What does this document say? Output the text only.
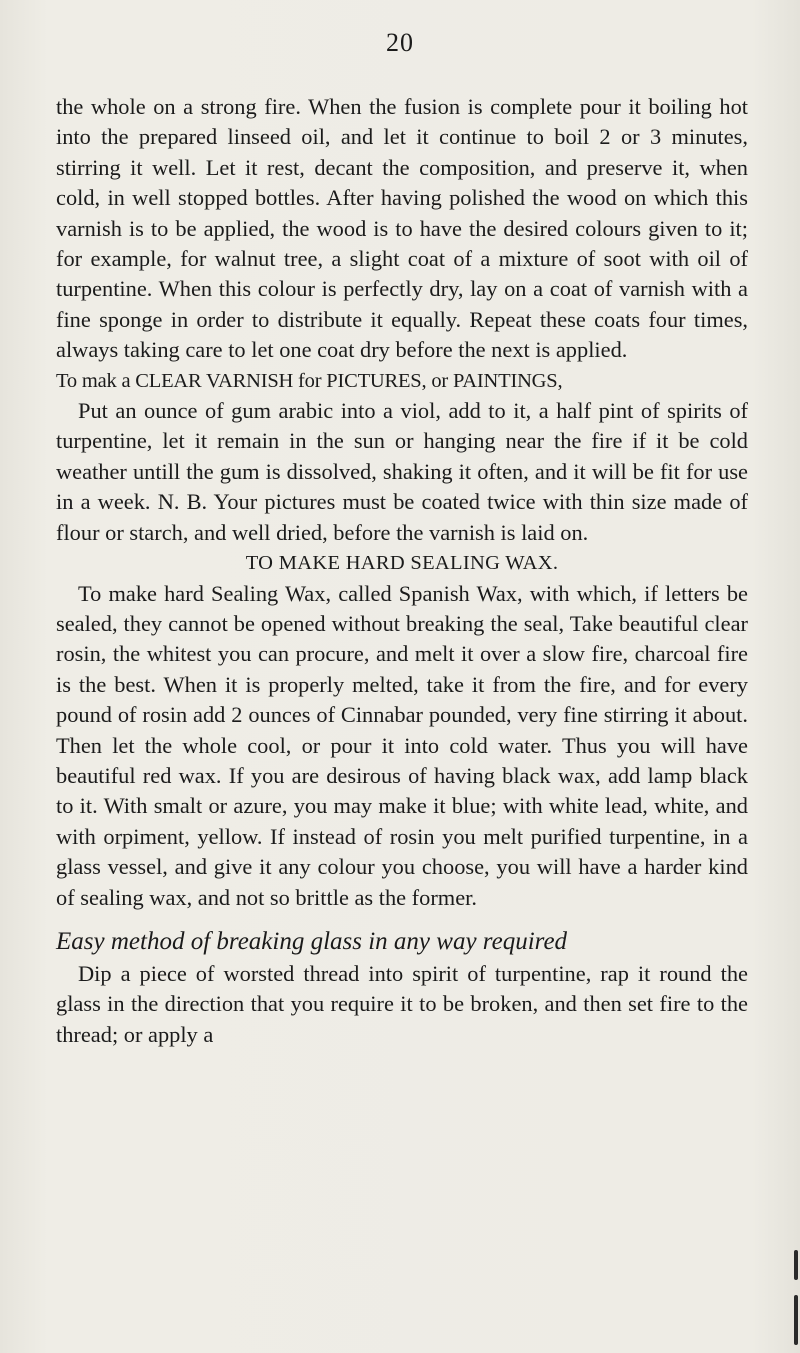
20

the whole on a strong fire. When the fusion is complete pour it boiling hot into the prepared linseed oil, and let it continue to boil 2 or 3 minutes, stirring it well. Let it rest, decant the composition, and preserve it, when cold, in well stopped bottles. After having polished the wood on which this varnish is to be applied, the wood is to have the desired colours given to it; for example, for walnut tree, a slight coat of a mixture of soot with oil of turpentine. When this colour is perfectly dry, lay on a coat of varnish with a fine sponge in order to distribute it equally. Repeat these coats four times, always taking care to let one coat dry before the next is applied.

To mak a CLEAR VARNISH for PICTURES, or PAINTINGS,

Put an ounce of gum arabic into a viol, add to it, a half pint of spirits of turpentine, let it remain in the sun or hanging near the fire if it be cold weather untill the gum is dissolved, shaking it often, and it will be fit for use in a week. N. B. Your pictures must be coated twice with thin size made of flour or starch, and well dried, before the varnish is laid on.

TO MAKE HARD SEALING WAX.

To make hard Sealing Wax, called Spanish Wax, with which, if letters be sealed, they cannot be opened without breaking the seal, Take beautiful clear rosin, the whitest you can procure, and melt it over a slow fire, charcoal fire is the best. When it is properly melted, take it from the fire, and for every pound of rosin add 2 ounces of Cinnabar pounded, very fine stirring it about. Then let the whole cool, or pour it into cold water. Thus you will have beautiful red wax. If you are desirous of having black wax, add lamp black to it. With smalt or azure, you may make it blue; with white lead, white, and with orpiment, yellow. If instead of rosin you melt purified turpentine, in a glass vessel, and give it any colour you choose, you will have a harder kind of sealing wax, and not so brittle as the former.

Easy method of breaking glass in any way required

Dip a piece of worsted thread into spirit of turpentine, rap it round the glass in the direction that you require it to be broken, and then set fire to the thread; or apply a
